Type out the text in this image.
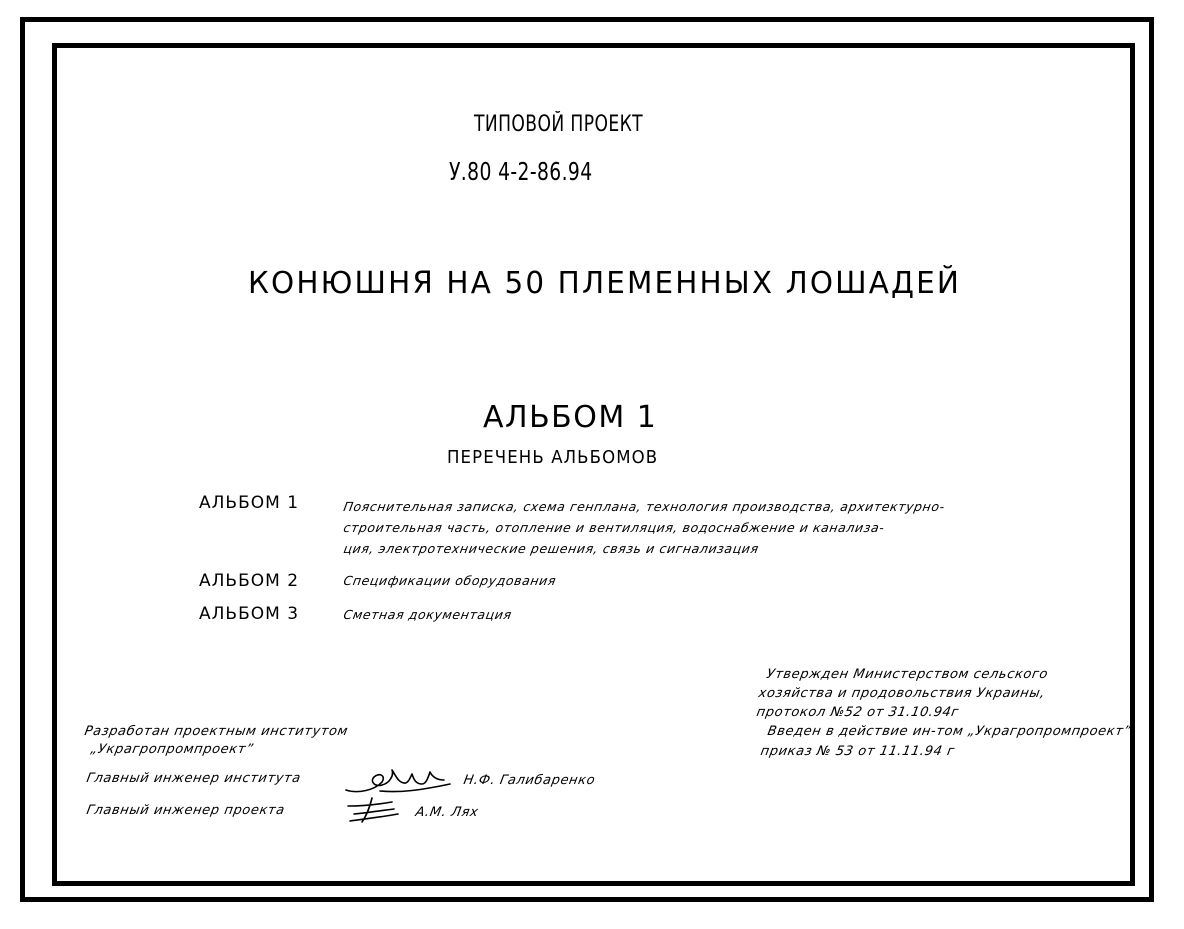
ТИПОВОЙ ПРОЕКТ
У.80 4-2-86.94
КОНЮШНЯ НА 50 ПЛЕМЕННЫХ ЛОШАДЕЙ
АЛЬБОМ 1
ПЕРЕЧЕНЬ АЛЬБОМОВ
АЛЬБОМ 1	Пояснительная записка, схема генплана, технология производства, архитектурно-
строительная часть, отопление и вентиляция, водоснабжение и канализа-
ция, электротехнические решения, связь и сигнализация
АЛЬБОМ 2	Спецификации оборудования
АЛЬБОМ 3	Сметная документация
Утвержден Министерством сельского
хозяйства и продовольствия Украины,
протокол №52 от 31.10.94г
Введен в действие ин-том „Украгропромпроект”
приказ № 53 от 11.11.94 г
Разработан проектным институтом
„Украгропромпроект”
Главный инженер института	Н.Ф. Галибаренко
Главный инженер проекта	А.М. Лях
